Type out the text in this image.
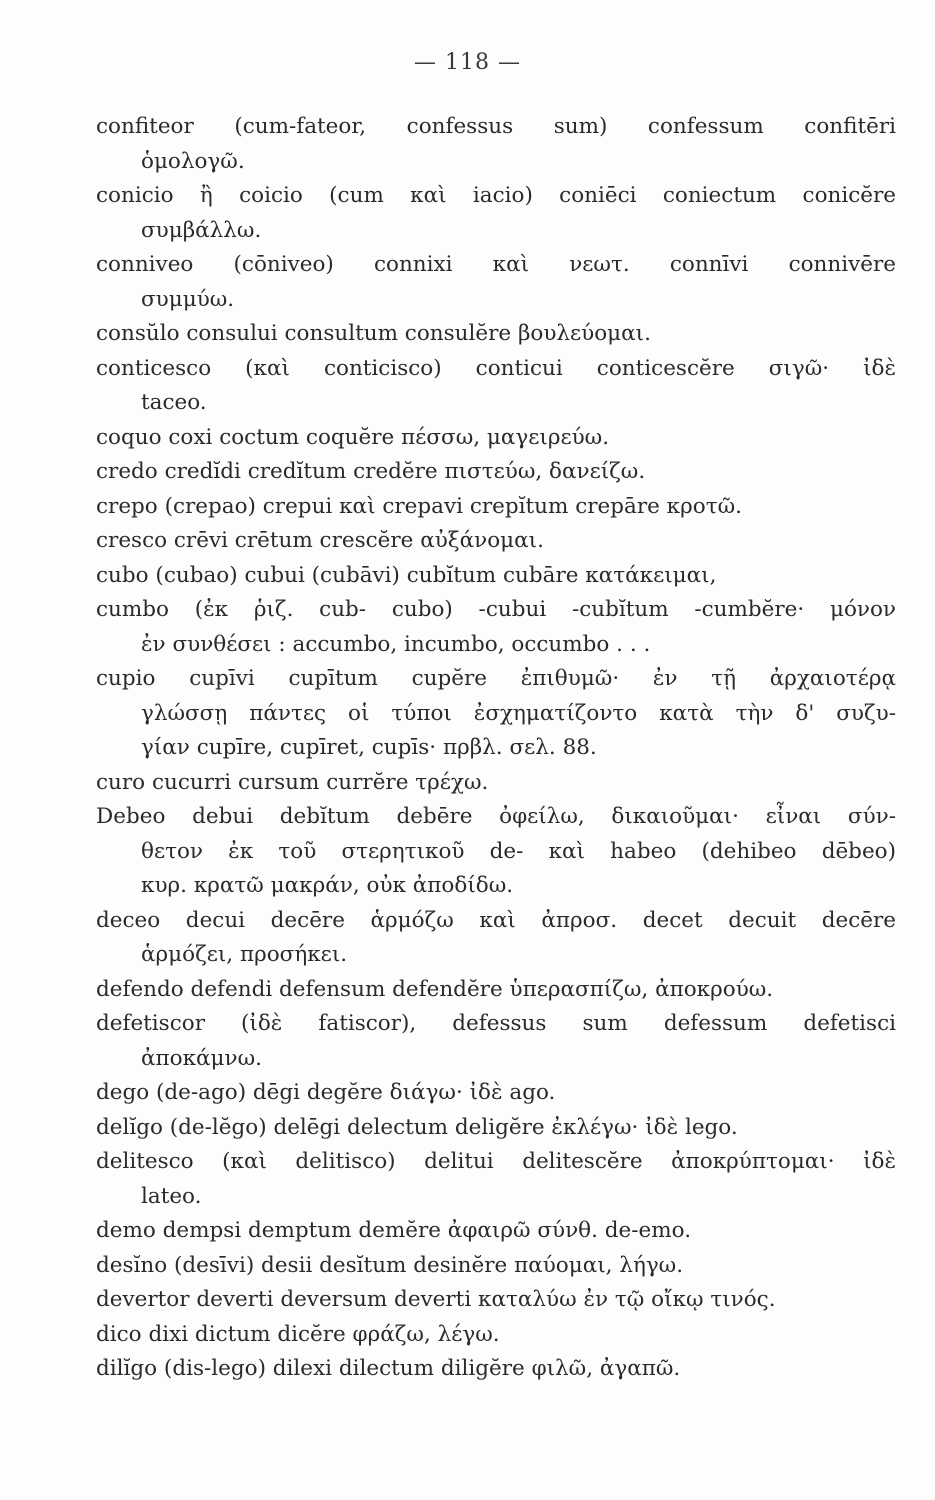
— 118 —
confiteor (cum-fateor, confessus sum) confessum confitēri
ὁμολογῶ.
conicio ἢ coicio (cum καὶ iacio) coniēci coniectum conicĕre
συμβάλλω.
conniveo (cōniveo) connixi καὶ νεωτ. connīvi connivēre
συμμύω.
consŭlo consului consultum consulĕre βουλεύομαι.
conticesco (καὶ conticisco) conticui conticescĕre σιγῶ· ἰδὲ
taceo.
coquo coxi coctum coquĕre πέσσω, μαγειρεύω.
credo credĭdi credĭtum credĕre πιστεύω, δανείζω.
crepo (crepao) crepui καὶ crepavi crepĭtum crepāre κροτῶ.
cresco crēvi crētum crescĕre αὐξάνομαι.
cubo (cubao) cubui (cubāvi) cubĭtum cubāre κατάκειμαι,
cumbo (ἐκ ῥιζ. cub- cubo) -cubui -cubĭtum -cumbĕre· μόνον
ἐν συνθέσει : accumbo, incumbo, occumbo . . .
cupio cupīvi cupītum cupĕre ἐπιθυμῶ· ἐν τῇ ἀρχαιοτέρᾳ
γλώσσῃ πάντες οἱ τύποι ἐσχηματίζοντο κατὰ τὴν δ' συζυ-
γίαν cupīre, cupīret, cupīs· πρβλ. σελ. 88.
curo cucurri cursum currĕre τρέχω.
Debeo debui debĭtum debēre ὀφείλω, δικαιοῦμαι· εἶναι σύν-
θετον ἐκ τοῦ στερητικοῦ de- καὶ habeo (dehibeo dēbeo)
κυρ. κρατῶ μακράν, οὐκ ἀποδίδω.
deceo decui decēre ἁρμόζω καὶ ἀπροσ. decet decuit decēre
ἁρμόζει, προσήκει.
defendo defendi defensum defendĕre ὑπερασπίζω, ἀποκρούω.
defetiscor (ἰδὲ fatiscor), defessus sum defessum defetisci
ἀποκάμνω.
dego (de-ago) dēgi degĕre διάγω· ἰδὲ ago.
delĭgo (de-lĕgo) delēgi delectum deligĕre ἐκλέγω· ἰδὲ lego.
delitesco (καὶ delitisco) delitui delitescĕre ἀποκρύπτομαι· ἰδὲ
lateo.
demo dempsi demptum demĕre ἀφαιρῶ σύνθ. de-emo.
desĭno (desīvi) desii desĭtum desinĕre παύομαι, λήγω.
devertor deverti deversum deverti καταλύω ἐν τῷ οἴκῳ τινός.
dico dixi dictum dicĕre φράζω, λέγω.
dilĭgo (dis-lego) dilexi dilectum diligĕre φιλῶ, ἀγαπῶ.
